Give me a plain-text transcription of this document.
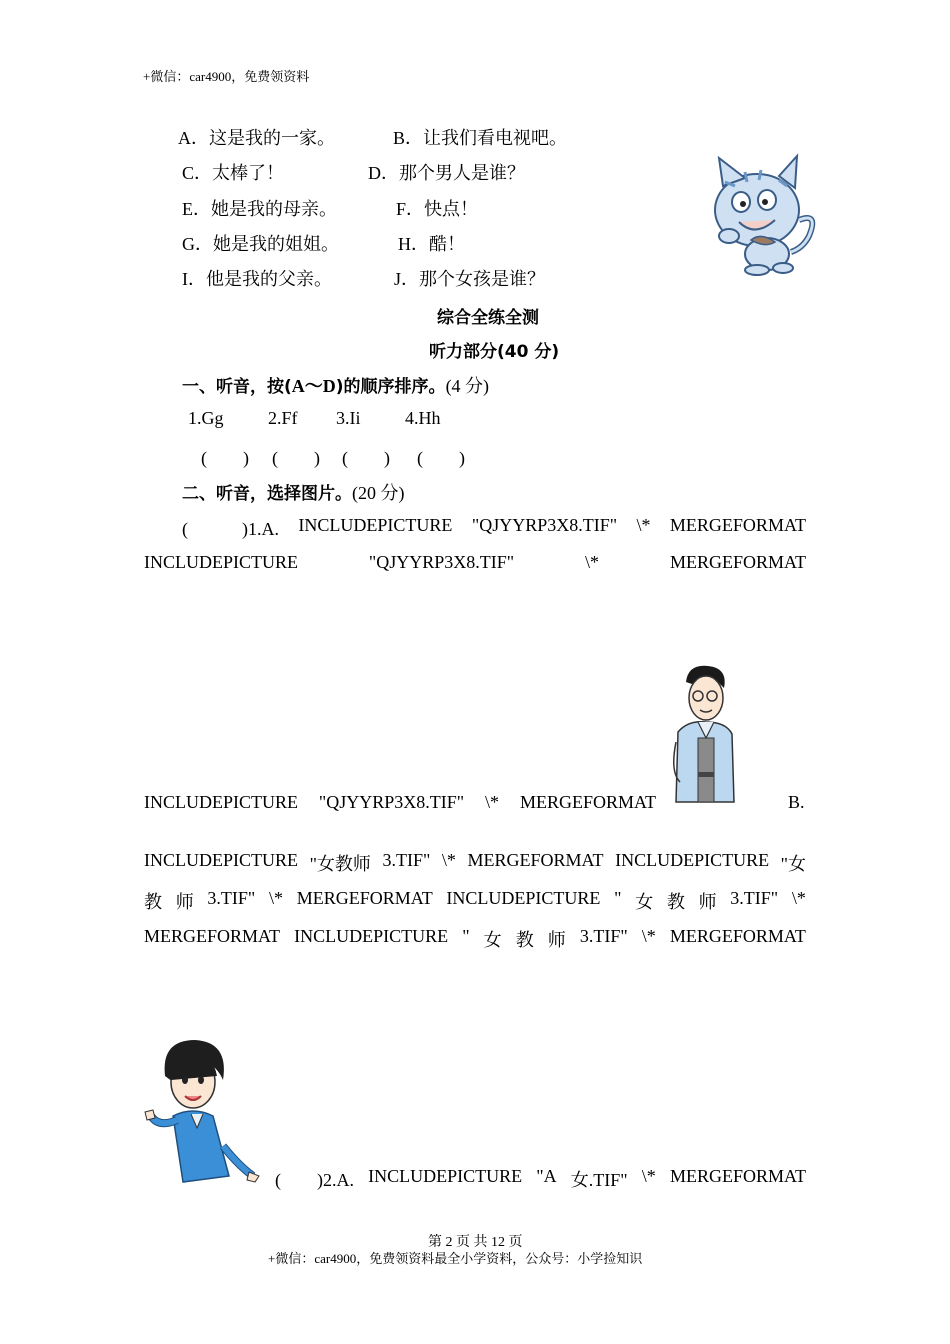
+微信：car4900，免费领资料
A．这是我的一家。	B．让我们看电视吧。
C．太棒了！	D．那个男人是谁？
E．她是我的母亲。	F．快点！
G．她是我的姐姐。	H．酷！
I．他是我的父亲。	J．那个女孩是谁？
综合全练全测
听力部分(40 分)
一、听音，按(A～D)的顺序排序。(4 分)
1.Gg 2.Ff 3.Ii 4.Hh
(　　) (　　) (　　) (　　)
二、听音，选择图片。(20 分)
(　　　)1.A. INCLUDEPICTURE "QJYYRP3X8.TIF" \* MERGEFORMAT
INCLUDEPICTURE	"QJYYRP3X8.TIF"	\*	MERGEFORMAT
INCLUDEPICTURE "QJYYRP3X8.TIF" \* MERGEFORMAT	B.
INCLUDEPICTURE "女教师 3.TIF" \* MERGEFORMAT INCLUDEPICTURE "女
教 师 3.TIF" \* MERGEFORMAT INCLUDEPICTURE " 女 教 师 3.TIF" \*
MERGEFORMAT INCLUDEPICTURE " 女 教 师 3.TIF" \* MERGEFORMAT
(　　)2.A. INCLUDEPICTURE "A 女.TIF" \* MERGEFORMAT
第 2 页 共 12 页
+微信：car4900，免费领资料最全小学资料，公众号：小学捡知识
